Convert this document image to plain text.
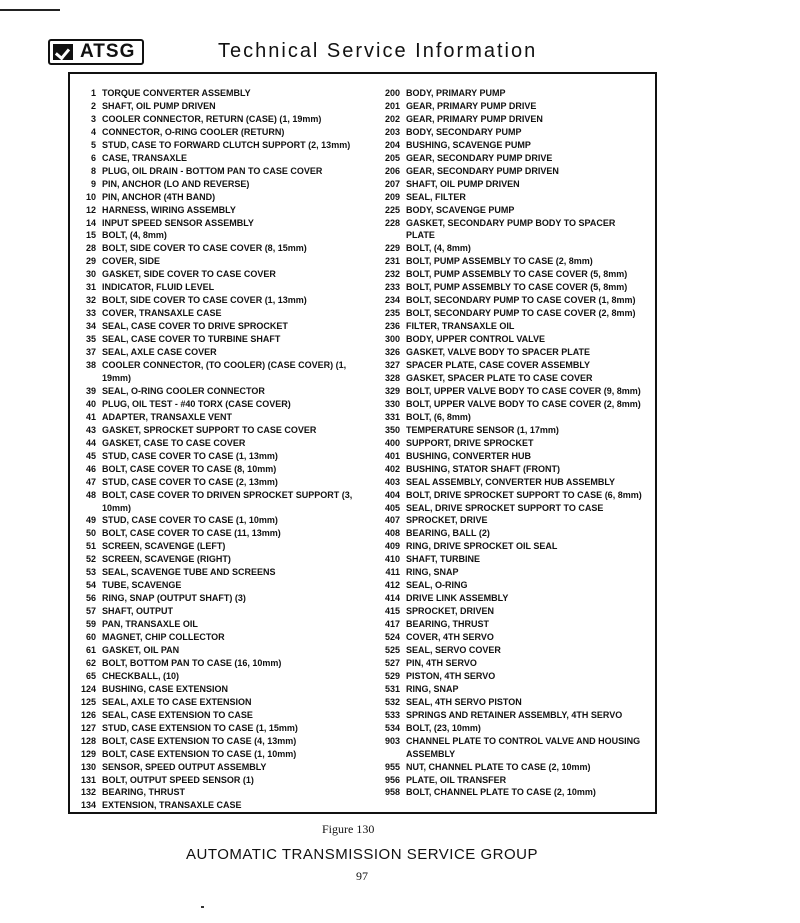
ATSG	Technical Service Information
1 TORQUE CONVERTER ASSEMBLY
2 SHAFT, OIL PUMP DRIVEN
3 COOLER CONNECTOR, RETURN (CASE) (1, 19mm)
4 CONNECTOR, O-RING COOLER (RETURN)
5 STUD, CASE TO FORWARD CLUTCH SUPPORT (2, 13mm)
6 CASE, TRANSAXLE
8 PLUG, OIL DRAIN - BOTTOM PAN TO CASE COVER
9 PIN, ANCHOR (LO AND REVERSE)
10 PIN, ANCHOR (4TH BAND)
12 HARNESS, WIRING ASSEMBLY
14 INPUT SPEED SENSOR ASSEMBLY
15 BOLT, (4, 8mm)
28 BOLT, SIDE COVER TO CASE COVER (8, 15mm)
29 COVER, SIDE
30 GASKET, SIDE COVER TO CASE COVER
31 INDICATOR, FLUID LEVEL
32 BOLT, SIDE COVER TO CASE COVER (1, 13mm)
33 COVER, TRANSAXLE CASE
34 SEAL, CASE COVER TO DRIVE SPROCKET
35 SEAL, CASE COVER TO TURBINE SHAFT
37 SEAL, AXLE CASE COVER
38 COOLER CONNECTOR, (TO COOLER) (CASE COVER) (1, 19mm)
39 SEAL, O-RING COOLER CONNECTOR
40 PLUG, OIL TEST - #40 TORX (CASE COVER)
41 ADAPTER, TRANSAXLE VENT
43 GASKET, SPROCKET SUPPORT TO CASE COVER
44 GASKET, CASE TO CASE COVER
45 STUD, CASE COVER TO CASE (1, 13mm)
46 BOLT, CASE COVER TO CASE (8, 10mm)
47 STUD, CASE COVER TO CASE (2, 13mm)
48 BOLT, CASE COVER TO DRIVEN SPROCKET SUPPORT (3, 10mm)
49 STUD, CASE COVER TO CASE (1, 10mm)
50 BOLT, CASE COVER TO CASE (11, 13mm)
51 SCREEN, SCAVENGE (LEFT)
52 SCREEN, SCAVENGE (RIGHT)
53 SEAL, SCAVENGE TUBE AND SCREENS
54 TUBE, SCAVENGE
56 RING, SNAP (OUTPUT SHAFT) (3)
57 SHAFT, OUTPUT
59 PAN, TRANSAXLE OIL
60 MAGNET, CHIP COLLECTOR
61 GASKET, OIL PAN
62 BOLT, BOTTOM PAN TO CASE (16, 10mm)
65 CHECKBALL, (10)
124 BUSHING, CASE EXTENSION
125 SEAL, AXLE TO CASE EXTENSION
126 SEAL, CASE EXTENSION TO CASE
127 STUD, CASE EXTENSION TO CASE (1, 15mm)
128 BOLT, CASE EXTENSION TO CASE (4, 13mm)
129 BOLT, CASE EXTENSION TO CASE (1, 10mm)
130 SENSOR, SPEED OUTPUT ASSEMBLY
131 BOLT, OUTPUT SPEED SENSOR (1)
132 BEARING, THRUST
134 EXTENSION, TRANSAXLE CASE
200 BODY, PRIMARY PUMP
201 GEAR, PRIMARY PUMP DRIVE
202 GEAR, PRIMARY PUMP DRIVEN
203 BODY, SECONDARY PUMP
204 BUSHING, SCAVENGE PUMP
205 GEAR, SECONDARY PUMP DRIVE
206 GEAR, SECONDARY PUMP DRIVEN
207 SHAFT, OIL PUMP DRIVEN
209 SEAL, FILTER
225 BODY, SCAVENGE PUMP
228 GASKET, SECONDARY PUMP BODY TO SPACER PLATE
229 BOLT, (4, 8mm)
231 BOLT, PUMP ASSEMBLY TO CASE (2, 8mm)
232 BOLT, PUMP ASSEMBLY TO CASE COVER (5, 8mm)
233 BOLT, PUMP ASSEMBLY TO CASE COVER (5, 8mm)
234 BOLT, SECONDARY PUMP TO CASE COVER (1, 8mm)
235 BOLT, SECONDARY PUMP TO CASE COVER (2, 8mm)
236 FILTER, TRANSAXLE OIL
300 BODY, UPPER CONTROL VALVE
326 GASKET, VALVE BODY TO SPACER PLATE
327 SPACER PLATE, CASE COVER ASSEMBLY
328 GASKET, SPACER PLATE TO CASE COVER
329 BOLT, UPPER VALVE BODY TO CASE COVER (9, 8mm)
330 BOLT, UPPER VALVE BODY TO CASE COVER (2, 8mm)
331 BOLT, (6, 8mm)
350 TEMPERATURE SENSOR (1, 17mm)
400 SUPPORT, DRIVE SPROCKET
401 BUSHING, CONVERTER HUB
402 BUSHING, STATOR SHAFT (FRONT)
403 SEAL ASSEMBLY, CONVERTER HUB ASSEMBLY
404 BOLT, DRIVE SPROCKET SUPPORT TO CASE (6, 8mm)
405 SEAL, DRIVE SPROCKET SUPPORT TO CASE
407 SPROCKET, DRIVE
408 BEARING, BALL (2)
409 RING, DRIVE SPROCKET OIL SEAL
410 SHAFT, TURBINE
411 RING, SNAP
412 SEAL, O-RING
414 DRIVE LINK ASSEMBLY
415 SPROCKET, DRIVEN
417 BEARING, THRUST
524 COVER, 4TH SERVO
525 SEAL, SERVO COVER
527 PIN, 4TH SERVO
529 PISTON, 4TH SERVO
531 RING, SNAP
532 SEAL, 4TH SERVO PISTON
533 SPRINGS AND RETAINER ASSEMBLY, 4TH SERVO
534 BOLT, (23, 10mm)
903 CHANNEL PLATE TO CONTROL VALVE AND HOUSING ASSEMBLY
955 NUT, CHANNEL PLATE TO CASE (2, 10mm)
956 PLATE, OIL TRANSFER
958 BOLT, CHANNEL PLATE TO CASE (2, 10mm)
Figure 130
AUTOMATIC TRANSMISSION SERVICE GROUP
97
